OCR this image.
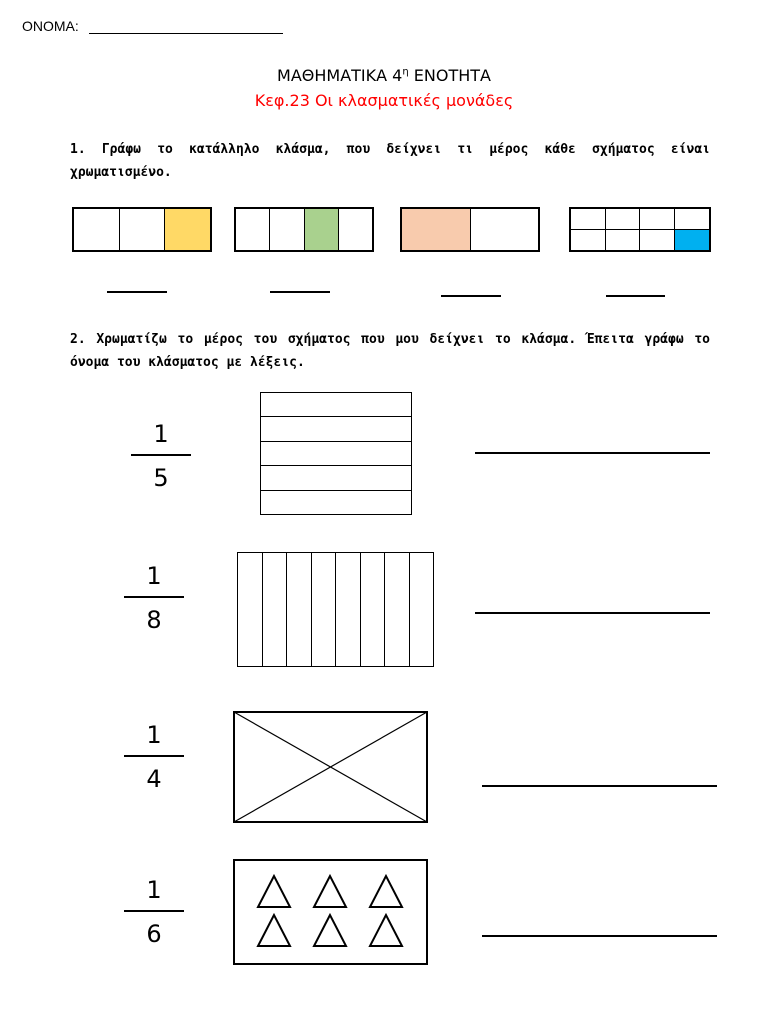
ΟΝΟΜΑ:
ΜΑΘΗΜΑΤΙΚΑ $4^\eta$ ΕΝΟΤΗΤΑ
Κεφ.23 Οι κλασματικές μονάδες
1. Γράφω το κατάλληλο κλάσμα, που δείχνει τι μέρος κάθε σχήματος είναι χρωματισμένο.
2. Χρωματίζω το μέρος του σχήματος που μου δείχνει το κλάσμα. Έπειτα γράφω το όνομα του κλάσματος με λέξεις.
1
5
1
8
1
4
1
6
